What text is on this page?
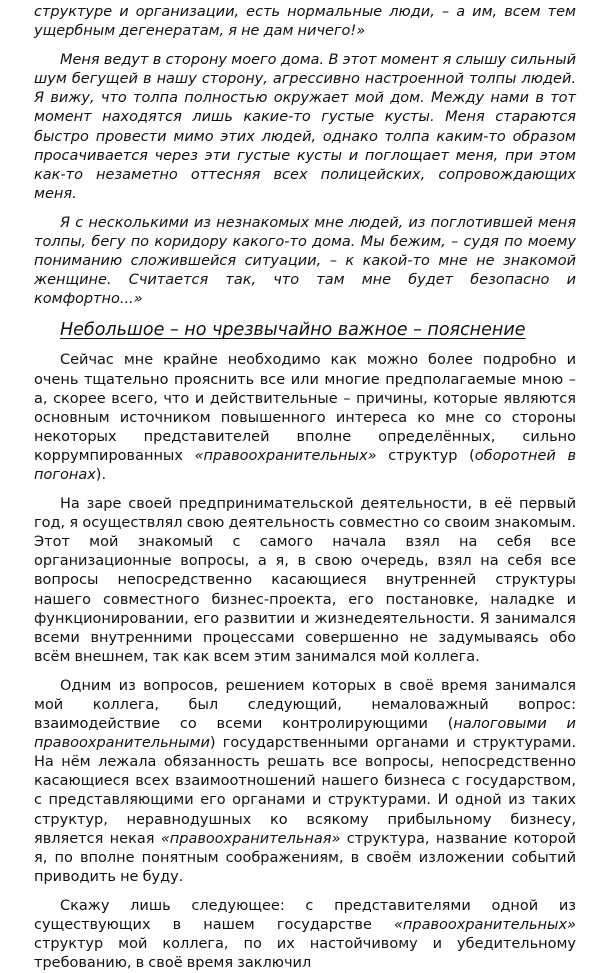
структуре и организации, есть нормальные люди, – а им, всем тем ущербным дегенератам, я не дам ничего!»

Меня ведут в сторону моего дома. В этот момент я слышу сильный шум бегущей в нашу сторону, агрессивно настроенной толпы людей. Я вижу, что толпа полностью окружает мой дом. Между нами в тот момент находятся лишь какие-то густые кусты. Меня стараются быстро провести мимо этих людей, однако толпа каким-то образом просачивается через эти густые кусты и поглощает меня, при этом как-то незаметно оттесняя всех полицейских, сопровождающих меня.

Я с несколькими из незнакомых мне людей, из поглотившей меня толпы, бегу по коридору какого-то дома. Мы бежим, – судя по моему пониманию сложившейся ситуации, – к какой-то мне не знакомой женщине. Считается так, что там мне будет безопасно и комфортно...»

Небольшое – но чрезвычайно важное – пояснение

Сейчас мне крайне необходимо как можно более подробно и очень тщательно прояснить все или многие предполагаемые мною – а, скорее всего, что и действительные – причины, которые являются основным источником повышенного интереса ко мне со стороны некоторых представителей вполне определённых, сильно коррумпированных «правоохранительных» структур (оборотней в погонах).

На заре своей предпринимательской деятельности, в её первый год, я осуществлял свою деятельность совместно со своим знакомым. Этот мой знакомый с самого начала взял на себя все организационные вопросы, а я, в свою очередь, взял на себя все вопросы непосредственно касающиеся внутренней структуры нашего совместного бизнес-проекта, его постановке, наладке и функционировании, его развитии и жизнедеятельности. Я занимался всеми внутренними процессами совершенно не задумываясь обо всём внешнем, так как всем этим занимался мой коллега.

Одним из вопросов, решением которых в своё время занимался мой коллега, был следующий, немаловажный вопрос: взаимодействие со всеми контролирующими (налоговыми и правоохранительными) государственными органами и структурами. На нём лежала обязанность решать все вопросы, непосредственно касающиеся всех взаимоотношений нашего бизнеса с государством, с представляющими его органами и структурами. И одной из таких структур, неравнодушных ко всякому прибыльному бизнесу, является некая «правоохранительная» структура, название которой я, по вполне понятным соображениям, в своём изложении событий приводить не буду.

Скажу лишь следующее: с представителями одной из существующих в нашем государстве «правоохранительных» структур мой коллега, по их настойчивому и убедительному требованию, в своё время заключил
